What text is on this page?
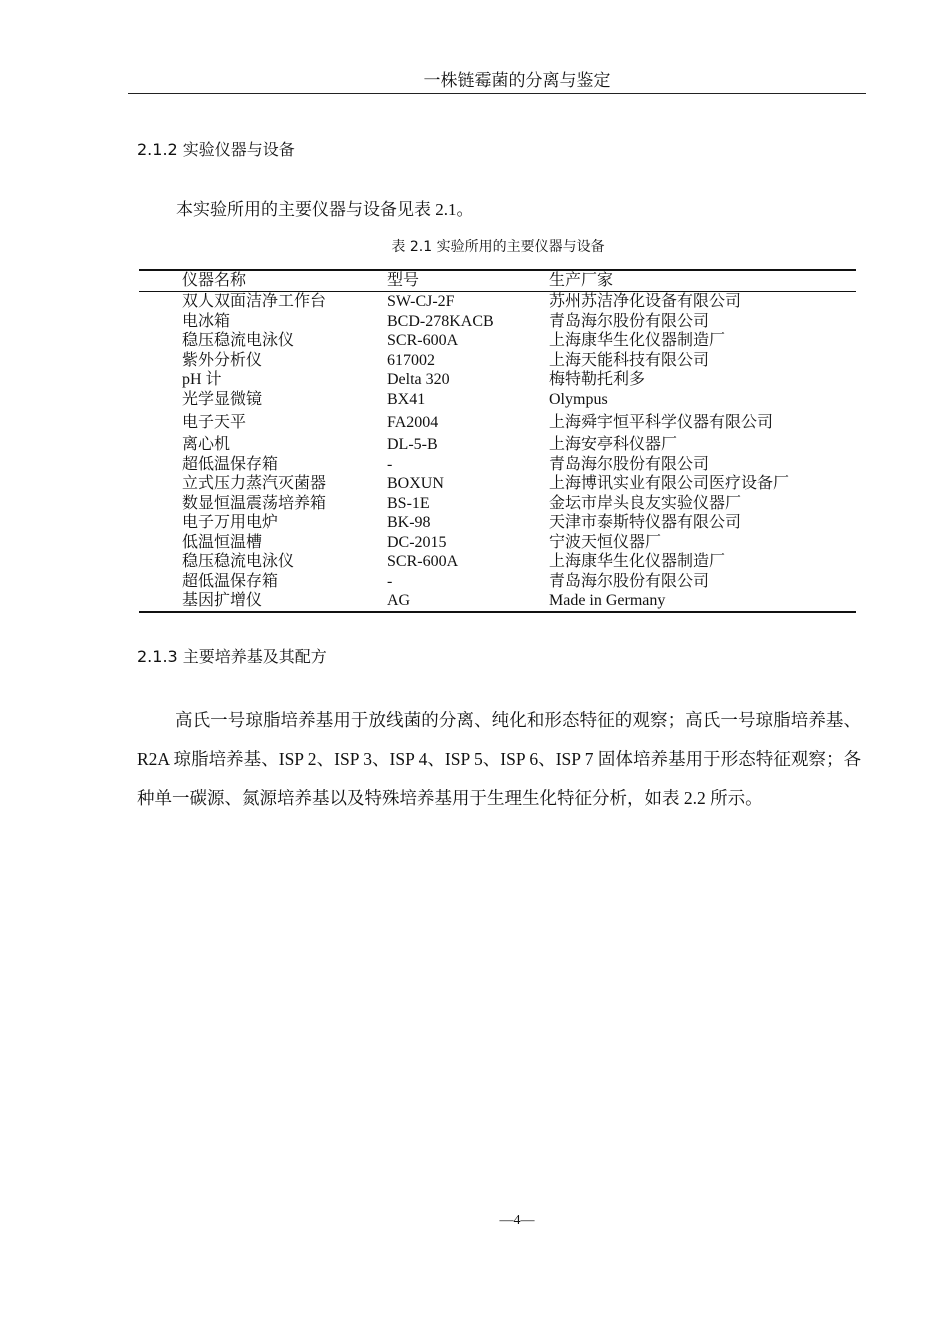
一株链霉菌的分离与鉴定
2.1.2 实验仪器与设备
本实验所用的主要仪器与设备见表 2.1。
表 2.1 实验所用的主要仪器与设备
仪器名称	型号	生产厂家
双人双面洁净工作台	SW-CJ-2F	苏州苏洁净化设备有限公司
电冰箱	BCD-278KACB	青岛海尔股份有限公司
稳压稳流电泳仪	SCR-600A	上海康华生化仪器制造厂
紫外分析仪	617002	上海天能科技有限公司
pH 计	Delta 320	梅特勒托利多
光学显微镜	BX41	Olympus
电子天平	FA2004	上海舜宇恒平科学仪器有限公司
离心机	DL-5-B	上海安亭科仪器厂
超低温保存箱	-	青岛海尔股份有限公司
立式压力蒸汽灭菌器	BOXUN	上海博讯实业有限公司医疗设备厂
数显恒温震荡培养箱	BS-1E	金坛市岸头良友实验仪器厂
电子万用电炉	BK-98	天津市泰斯特仪器有限公司
低温恒温槽	DC-2015	宁波天恒仪器厂
稳压稳流电泳仪	SCR-600A	上海康华生化仪器制造厂
超低温保存箱	-	青岛海尔股份有限公司
基因扩增仪	AG	Made in Germany
2.1.3 主要培养基及其配方
高氏一号琼脂培养基用于放线菌的分离、纯化和形态特征的观察；高氏一号琼脂培养基、R2A 琼脂培养基、ISP 2、ISP 3、ISP 4、ISP 5、ISP 6、ISP 7 固体培养基用于形态特征观察；各种单一碳源、氮源培养基以及特殊培养基用于生理生化特征分析，如表 2.2 所示。
—4—
